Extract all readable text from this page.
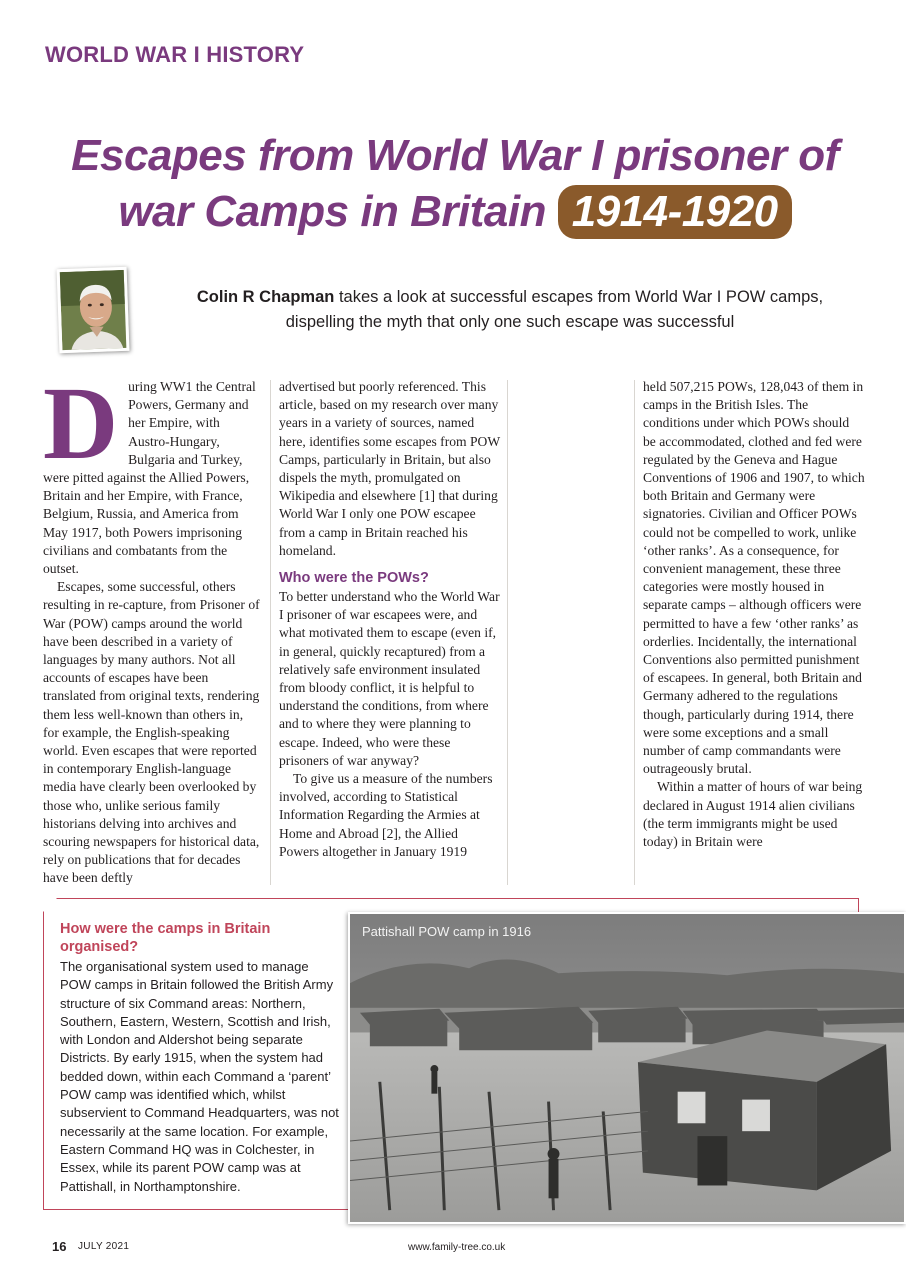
WORLD WAR I HISTORY
Escapes from World War I prisoner of
war Camps in Britain 1914-1920

Colin R Chapman takes a look at successful escapes from World War I POW camps,
dispelling the myth that only one such escape was successful

D uring WW1 the Central Powers, Germany and her Empire, with Austro-Hungary, Bulgaria and Turkey, were pitted against the Allied Powers, Britain and her Empire, with France, Belgium, Russia, and America from May 1917, both Powers imprisoning civilians and combatants from the outset.

Escapes, some successful, others resulting in re-capture, from Prisoner of War (POW) camps around the world have been described in a variety of languages by many authors. Not all accounts of escapes have been translated from original texts, rendering them less well-known than others in, for example, the English-speaking world. Even escapes that were reported in contemporary English-language media have clearly been overlooked by those who, unlike serious family historians delving into archives and scouring newspapers for historical data, rely on publications that for decades have been deftly

advertised but poorly referenced. This article, based on my research over many years in a variety of sources, named here, identifies some escapes from POW Camps, particularly in Britain, but also dispels the myth, promulgated on Wikipedia and elsewhere [1] that during World War I only one POW escapee from a camp in Britain reached his homeland.

Who were the POWs?

To better understand who the World War I prisoner of war escapees were, and what motivated them to escape (even if, in general, quickly recaptured) from a relatively safe environment insulated from bloody conflict, it is helpful to understand the conditions, from where and to where they were planning to escape. Indeed, who were these prisoners of war anyway?

To give us a measure of the numbers involved, according to Statistical Information Regarding the Armies at Home and Abroad [2], the Allied Powers altogether in January 1919

held 507,215 POWs, 128,043 of them in camps in the British Isles. The conditions under which POWs should be accommodated, clothed and fed were regulated by the Geneva and Hague Conventions of 1906 and 1907, to which both Britain and Germany were signatories. Civilian and Officer POWs could not be compelled to work, unlike ‘other ranks’. As a consequence, for convenient management, these three categories were mostly housed in separate camps – although officers were permitted to have a few ‘other ranks’ as orderlies. Incidentally, the international Conventions also permitted punishment of escapees. In general, both Britain and Germany adhered to the regulations though, particularly during 1914, there were some exceptions and a small number of camp commandants were outrageously brutal.

Within a matter of hours of war being declared in August 1914 alien civilians (the term immigrants might be used today) in Britain were

How were the camps in Britain organised?

The organisational system used to manage POW camps in Britain followed the British Army structure of six Command areas: Northern, Southern, Eastern, Western, Scottish and Irish, with London and Aldershot being separate Districts. By early 1915, when the system had bedded down, within each Command a ‘parent’ POW camp was identified which, whilst subservient to Command Headquarters, was not necessarily at the same location. For example, Eastern Command HQ was in Colchester, in Essex, while its parent POW camp was at Pattishall, in Northamptonshire.

Pattishall POW camp in 1916
16 JULY 2021	www.family-tree.co.uk
